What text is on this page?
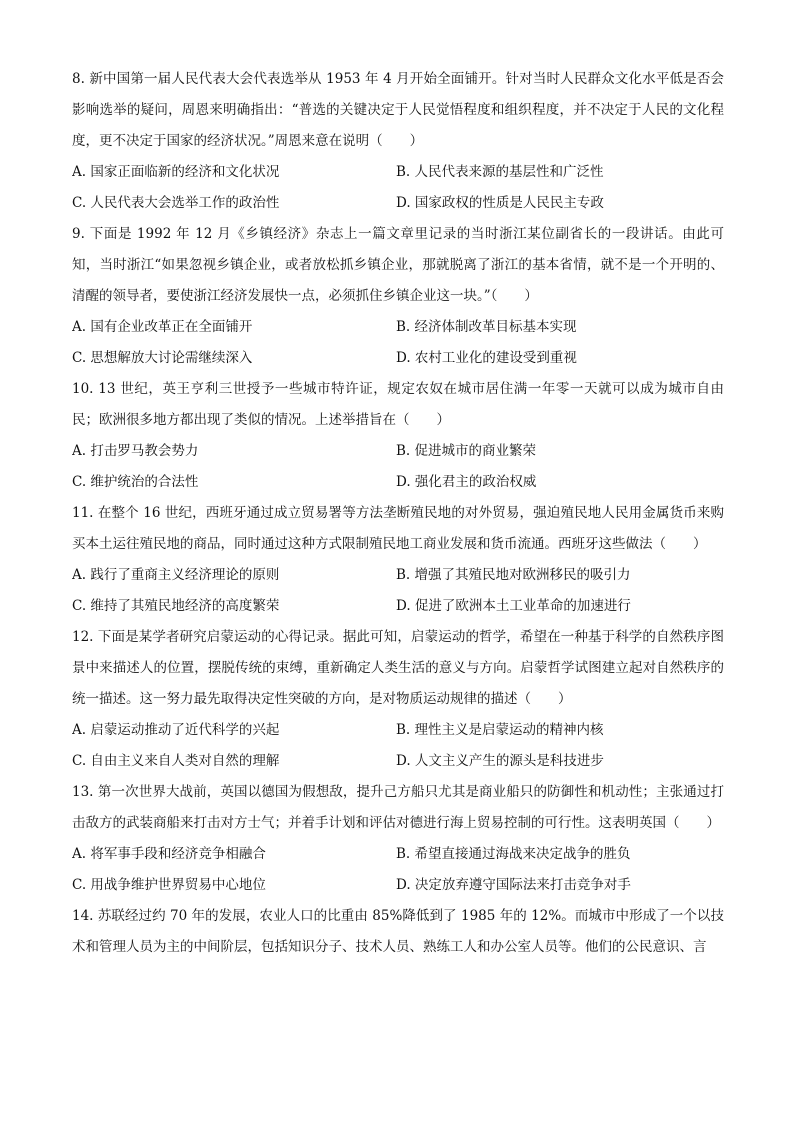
8. 新中国第一届人民代表大会代表选举从 1953 年 4 月开始全面铺开。针对当时人民群众文化水平低是否会影响选举的疑问，周恩来明确指出：“普选的关键决定于人民觉悟程度和组织程度，并不决定于人民的文化程度，更不决定于国家的经济状况。”周恩来意在说明（　　）

A. 国家正面临新的经济和文化状况	B. 人民代表来源的基层性和广泛性
C. 人民代表大会选举工作的政治性	D. 国家政权的性质是人民民主专政

9. 下面是 1992 年 12 月《乡镇经济》杂志上一篇文章里记录的当时浙江某位副省长的一段讲话。由此可知，当时浙江“如果忽视乡镇企业，或者放松抓乡镇企业，那就脱离了浙江的基本省情，就不是一个开明的、清醒的领导者，要使浙江经济发展快一点，必须抓住乡镇企业这一块。”（　　）

A. 国有企业改革正在全面铺开	B. 经济体制改革目标基本实现
C. 思想解放大讨论需继续深入	D. 农村工业化的建设受到重视

10. 13 世纪，英王亨利三世授予一些城市特许证，规定农奴在城市居住满一年零一天就可以成为城市自由民；欧洲很多地方都出现了类似的情况。上述举措旨在（　　）

A. 打击罗马教会势力	B. 促进城市的商业繁荣
C. 维护统治的合法性	D. 强化君主的政治权威

11. 在整个 16 世纪，西班牙通过成立贸易署等方法垄断殖民地的对外贸易，强迫殖民地人民用金属货币来购买本土运往殖民地的商品，同时通过这种方式限制殖民地工商业发展和货币流通。西班牙这些做法（　　）

A. 践行了重商主义经济理论的原则	B. 增强了其殖民地对欧洲移民的吸引力
C. 维持了其殖民地经济的高度繁荣	D. 促进了欧洲本土工业革命的加速进行

12. 下面是某学者研究启蒙运动的心得记录。据此可知，启蒙运动的哲学，希望在一种基于科学的自然秩序图景中来描述人的位置，摆脱传统的束缚，重新确定人类生活的意义与方向。启蒙哲学试图建立起对自然秩序的统一描述。这一努力最先取得决定性突破的方向，是对物质运动规律的描述（　　）

A. 启蒙运动推动了近代科学的兴起	B. 理性主义是启蒙运动的精神内核
C. 自由主义来自人类对自然的理解	D. 人文主义产生的源头是科技进步

13. 第一次世界大战前，英国以德国为假想敌，提升己方船只尤其是商业船只的防御性和机动性；主张通过打击敌方的武装商船来打击对方士气；并着手计划和评估对德进行海上贸易控制的可行性。这表明英国（　　）

A. 将军事手段和经济竞争相融合	B. 希望直接通过海战来决定战争的胜负
C. 用战争维护世界贸易中心地位	D. 决定放弃遵守国际法来打击竞争对手

14. 苏联经过约 70 年的发展，农业人口的比重由 85%降低到了 1985 年的 12%。而城市中形成了一个以技术和管理人员为主的中间阶层，包括知识分子、技术人员、熟练工人和办公室人员等。他们的公民意识、言
